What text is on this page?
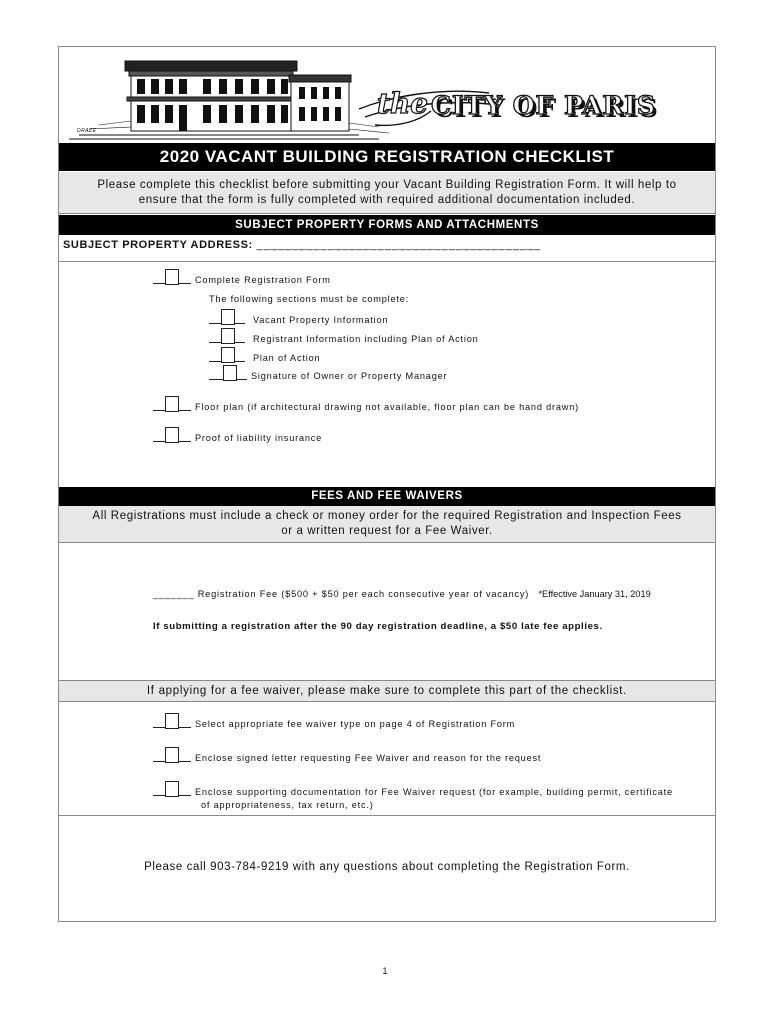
DRAZE
the CITY OF PARIS
2020 VACANT BUILDING REGISTRATION CHECKLIST
Please complete this checklist before submitting your Vacant Building Registration Form. It will help to
ensure that the form is fully completed with required additional documentation included.
SUBJECT PROPERTY FORMS AND ATTACHMENTS
SUBJECT PROPERTY ADDRESS: ________________________________________
Complete Registration Form
The following sections must be complete:
Vacant Property Information
Registrant Information including Plan of Action
Plan of Action
Signature of Owner or Property Manager
Floor plan (if architectural drawing not available, floor plan can be hand drawn)
Proof of liability insurance
FEES AND FEE WAIVERS
All Registrations must include a check or money order for the required Registration and Inspection Fees
or a written request for a Fee Waiver.
_______ Registration Fee ($500 + $50 per each consecutive year of vacancy) *Effective January 31, 2019
If submitting a registration after the 90 day registration deadline, a $50 late fee applies.
If applying for a fee waiver, please make sure to complete this part of the checklist.
Select appropriate fee waiver type on page 4 of Registration Form
Enclose signed letter requesting Fee Waiver and reason for the request
Enclose supporting documentation for Fee Waiver request (for example, building permit, certificate
of appropriateness, tax return, etc.)
Please call 903-784-9219 with any questions about completing the Registration Form.
1
